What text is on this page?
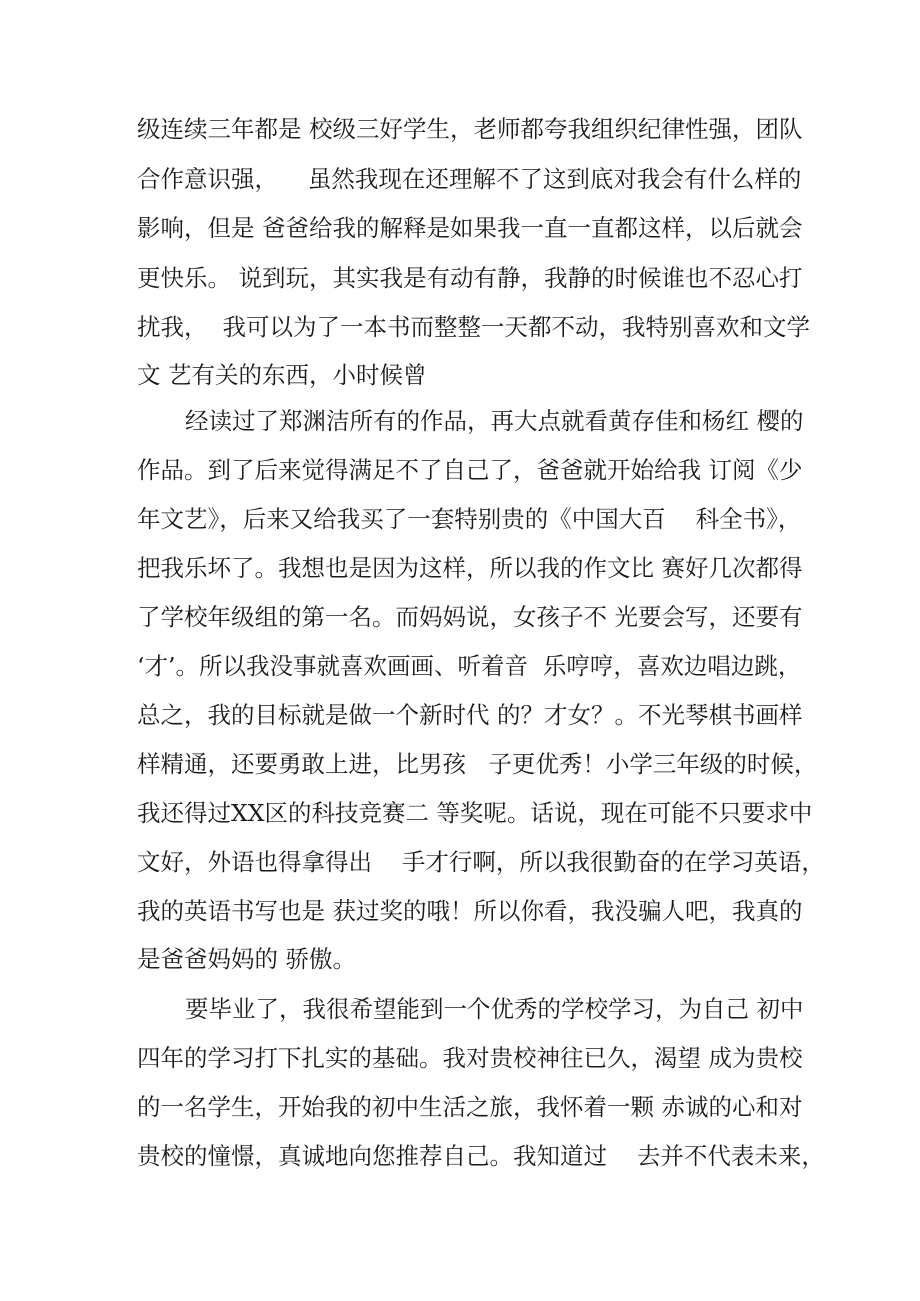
级连续三年都是 校级三好学生，老师都夸我组织纪律性强，团队
合作意识强，    虽然我现在还理解不了这到底对我会有什么样的
影响，但是 爸爸给我的解释是如果我一直一直都这样，以后就会
更快乐。 说到玩，其实我是有动有静，我静的时候谁也不忍心打
扰我，  我可以为了一本书而整整一天都不动，我特别喜欢和文学
文 艺有关的东西，小时候曾
经读过了郑渊洁所有的作品，再大点就看黄存佳和杨红 樱的
作品。到了后来觉得满足不了自己了，爸爸就开始给我 订阅《少
年文艺》，后来又给我买了一套特别贵的《中国大百    科全书》，
把我乐坏了。我想也是因为这样，所以我的作文比 赛好几次都得
了学校年级组的第一名。而妈妈说，女孩子不 光要会写，还要有
‘才’。所以我没事就喜欢画画、听着音  乐哼哼，喜欢边唱边跳，
总之，我的目标就是做一个新时代 的？才女？。不光琴棋书画样
样精通，还要勇敢上进，比男孩   子更优秀！小学三年级的时候，
我还得过XX区的科技竞赛二 等奖呢。话说，现在可能不只要求中
文好，外语也得拿得出    手才行啊，所以我很勤奋的在学习英语，
我的英语书写也是 获过奖的哦！所以你看，我没骗人吧，我真的
是爸爸妈妈的 骄傲。
要毕业了，我很希望能到一个优秀的学校学习，为自己 初中
四年的学习打下扎实的基础。我对贵校神往已久，渴望 成为贵校
的一名学生，开始我的初中生活之旅，我怀着一颗 赤诚的心和对
贵校的憧憬，真诚地向您推荐自己。我知道过    去并不代表未来，
